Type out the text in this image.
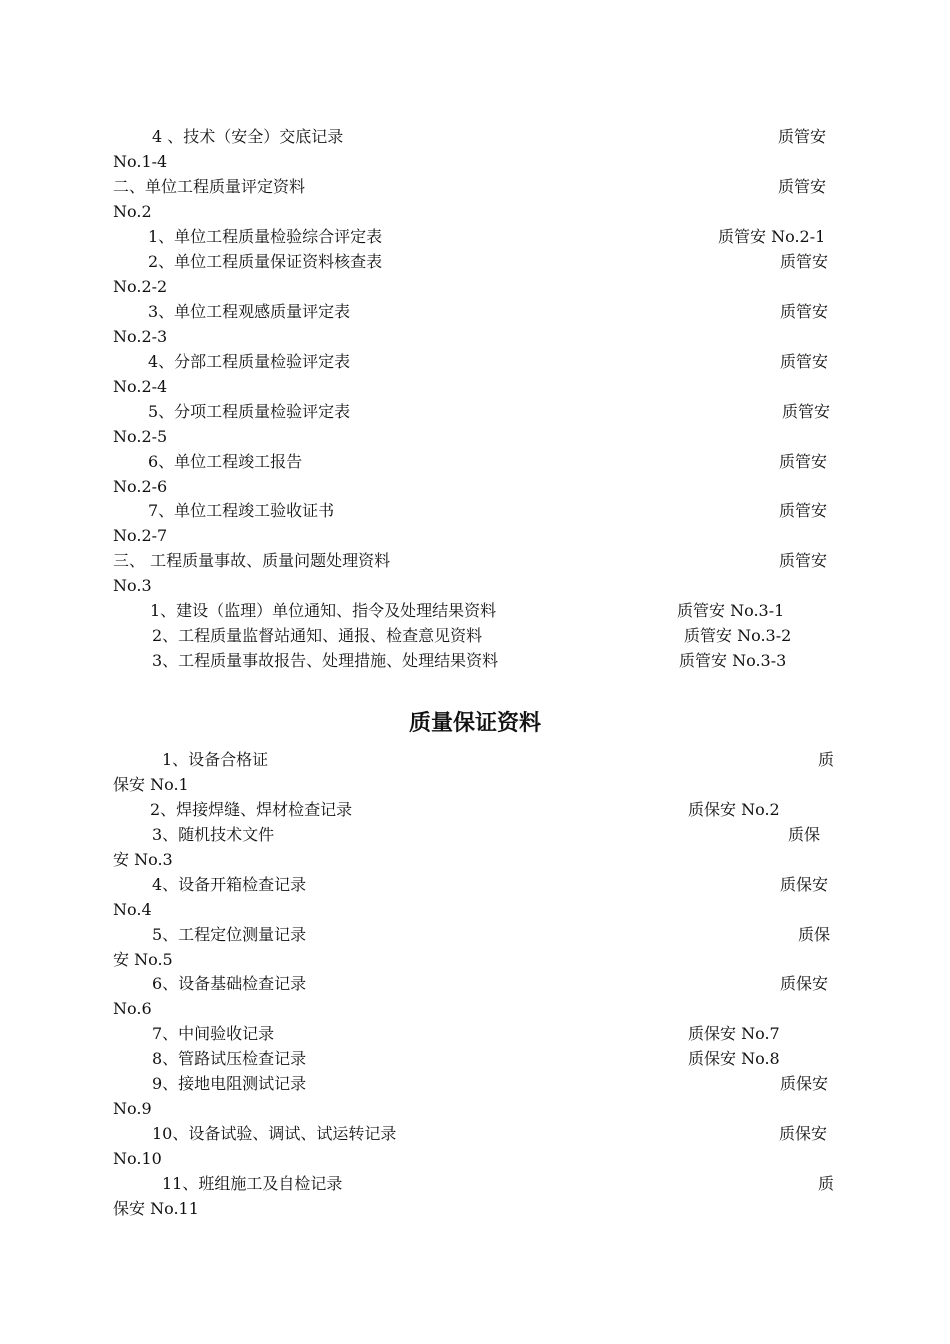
4 、技术（安全）交底记录	质管安
No.1-4
二、单位工程质量评定资料	质管安
No.2
1、单位工程质量检验综合评定表	质管安 No.2-1
2、单位工程质量保证资料核查表	质管安
No.2-2
3、单位工程观感质量评定表	质管安
No.2-3
4、分部工程质量检验评定表	质管安
No.2-4
5、分项工程质量检验评定表	质管安
No.2-5
6、单位工程竣工报告	质管安
No.2-6
7、单位工程竣工验收证书	质管安
No.2-7
三、 工程质量事故、质量问题处理资料	质管安
No.3
1、建设（监理）单位通知、指令及处理结果资料	质管安 No.3-1
2、工程质量监督站通知、通报、检查意见资料	质管安 No.3-2
3、工程质量事故报告、处理措施、处理结果资料	质管安 No.3-3
质量保证资料
1、设备合格证	质
保安 No.1
2、焊接焊缝、焊材检查记录	质保安 No.2
3、随机技术文件	质保
安 No.3
4、设备开箱检查记录	质保安
No.4
5、工程定位测量记录	质保
安 No.5
6、设备基础检查记录	质保安
No.6
7、中间验收记录	质保安 No.7
8、管路试压检查记录	质保安 No.8
9、接地电阻测试记录	质保安
No.9
10、设备试验、调试、试运转记录	质保安
No.10
11、班组施工及自检记录	质
保安 No.11
